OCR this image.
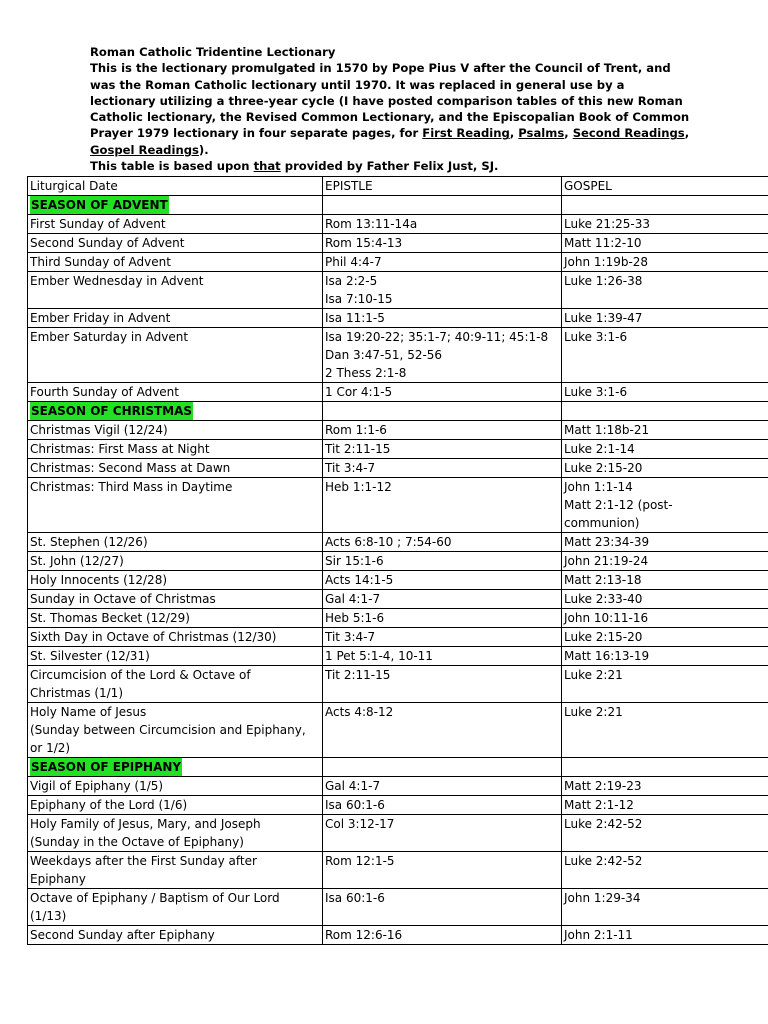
Roman Catholic Tridentine Lectionary
This is the lectionary promulgated in 1570 by Pope Pius V after the Council of Trent, and was the Roman Catholic lectionary until 1970. It was replaced in general use by a lectionary utilizing a three-year cycle (I have posted comparison tables of this new Roman Catholic lectionary, the Revised Common Lectionary, and the Episcopalian Book of Common Prayer 1979 lectionary in four separate pages, for First Reading, Psalms, Second Readings, Gospel Readings).
This table is based upon that provided by Father Felix Just, SJ.
Liturgical Date	EPISTLE	GOSPEL
SEASON OF ADVENT		

First Sunday of Advent	Rom 13:11-14a	Luke 21:25-33

Second Sunday of Advent	Rom 15:4-13	Matt 11:2-10

Third Sunday of Advent	Phil 4:4-7	John 1:19b-28

Ember Wednesday in Advent	Isa 2:2-5
Isa 7:10-15	Luke 1:26-38

Ember Friday in Advent	Isa 11:1-5	Luke 1:39-47

Ember Saturday in Advent	Isa 19:20-22; 35:1-7; 40:9-11; 45:1-8
Dan 3:47-51, 52-56
2 Thess 2:1-8	Luke 3:1-6

Fourth Sunday of Advent	1 Cor 4:1-5	Luke 3:1-6

SEASON OF CHRISTMAS		

Christmas Vigil (12/24)	Rom 1:1-6	Matt 1:18b-21

Christmas: First Mass at Night	Tit 2:11-15	Luke 2:1-14

Christmas: Second Mass at Dawn	Tit 3:4-7	Luke 2:15-20

Christmas: Third Mass in Daytime	Heb 1:1-12	John 1:1-14
Matt 2:1-12 (post-
communion)

St. Stephen (12/26)	Acts 6:8-10 ; 7:54-60	Matt 23:34-39

St. John (12/27)	Sir 15:1-6	John 21:19-24

Holy Innocents (12/28)	Acts 14:1-5	Matt 2:13-18

Sunday in Octave of Christmas	Gal 4:1-7	Luke 2:33-40

St. Thomas Becket (12/29)	Heb 5:1-6	John 10:11-16

Sixth Day in Octave of Christmas (12/30)	Tit 3:4-7	Luke 2:15-20

St. Silvester (12/31)	1 Pet 5:1-4, 10-11	Matt 16:13-19

Circumcision of the Lord & Octave of
Christmas (1/1)	Tit 2:11-15	Luke 2:21

Holy Name of Jesus
(Sunday between Circumcision and Epiphany,
or 1/2)	Acts 4:8-12	Luke 2:21

SEASON OF EPIPHANY		

Vigil of Epiphany (1/5)	Gal 4:1-7	Matt 2:19-23

Epiphany of the Lord (1/6)	Isa 60:1-6	Matt 2:1-12

Holy Family of Jesus, Mary, and Joseph
(Sunday in the Octave of Epiphany)	Col 3:12-17	Luke 2:42-52

Weekdays after the First Sunday after
Epiphany	Rom 12:1-5	Luke 2:42-52

Octave of Epiphany / Baptism of Our Lord
(1/13)	Isa 60:1-6	John 1:29-34

Second Sunday after Epiphany	Rom 12:6-16	John 2:1-11
